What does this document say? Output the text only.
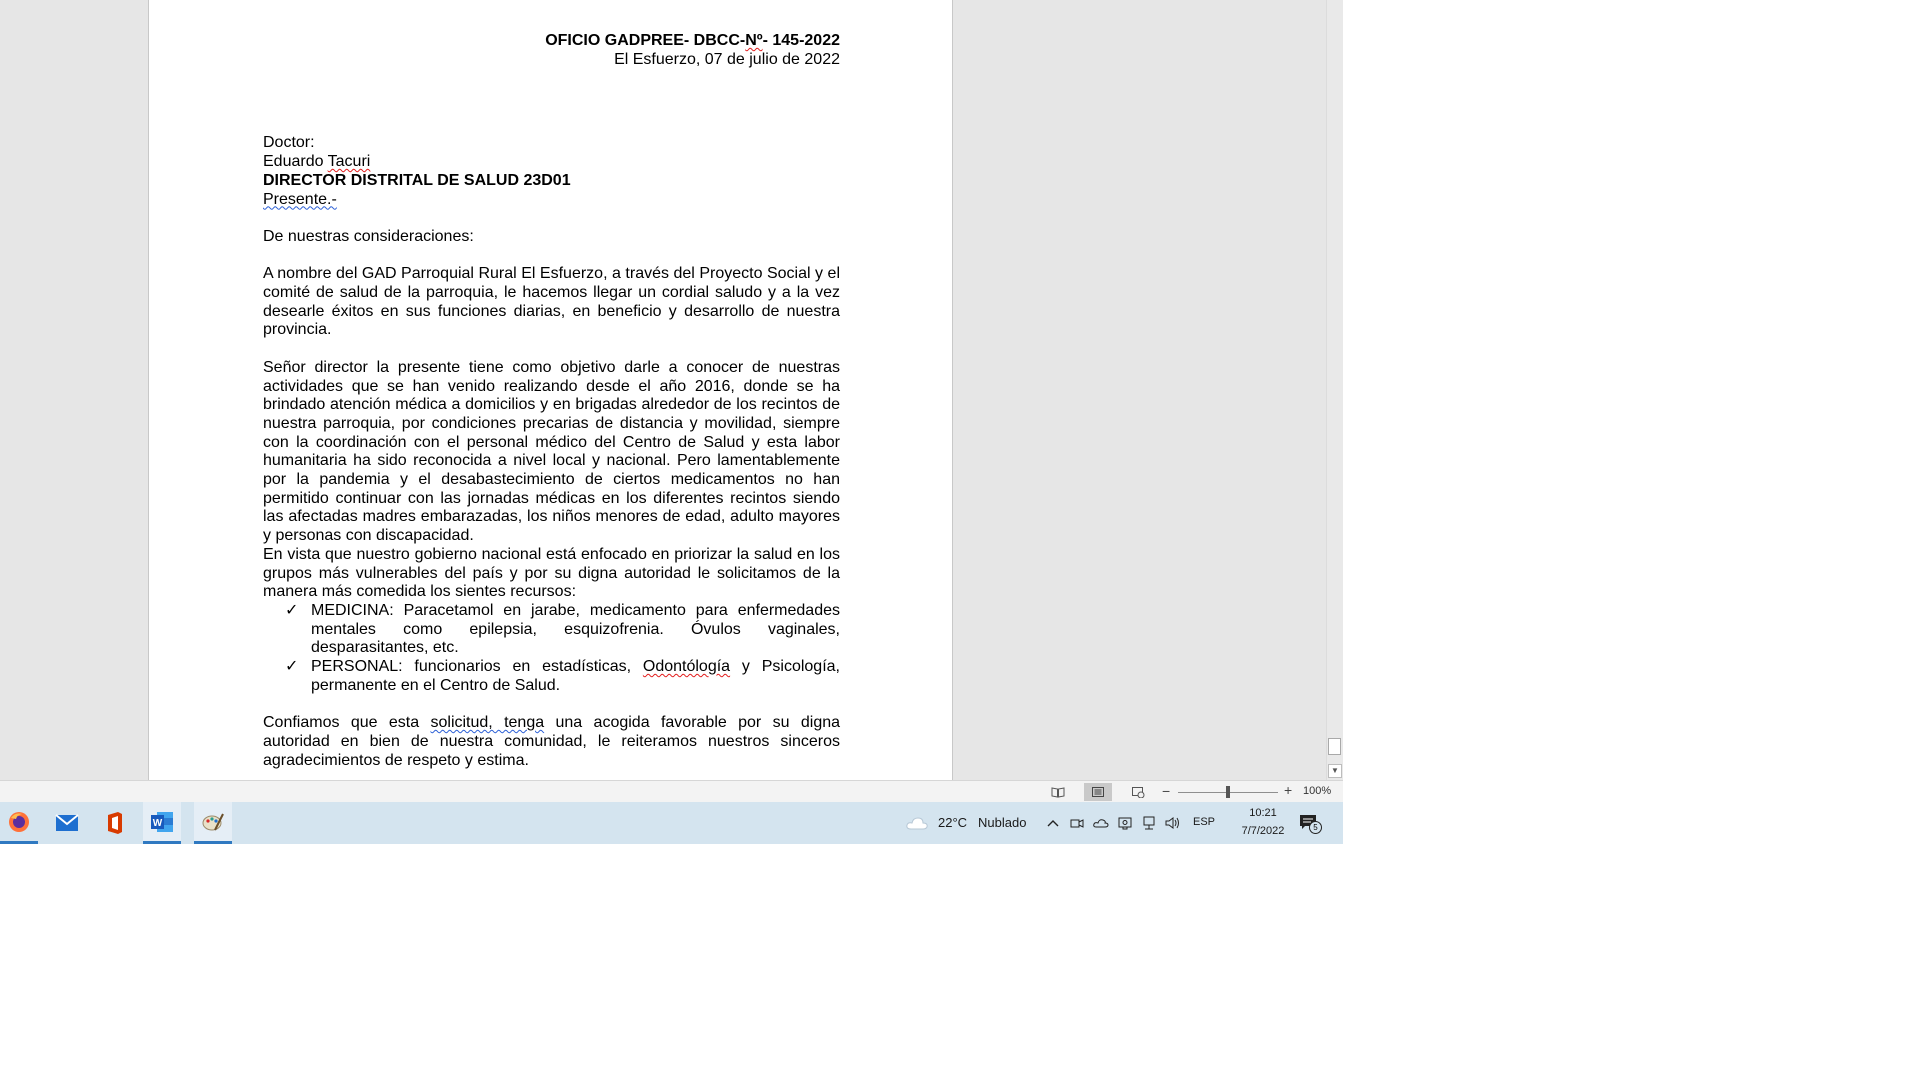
OFICIO GADPREE- DBCC-Nº- 145-2022
El Esfuerzo, 07 de julio de 2022
Doctor:
Eduardo Tacuri
DIRECTOR DISTRITAL DE SALUD 23D01
Presente.-
De nuestras consideraciones:
A nombre del GAD Parroquial Rural El Esfuerzo, a través del Proyecto Social y el comité de salud de la parroquia, le hacemos llegar un cordial saludo y a la vez desearle éxitos en sus funciones diarias, en beneficio y desarrollo de nuestra provincia.
Señor director la presente tiene como objetivo darle a conocer de nuestras actividades que se han venido realizando desde el año 2016, donde se ha brindado atención médica a domicilios y en brigadas alrededor de los recintos de nuestra parroquia, por condiciones precarias de distancia y movilidad, siempre con la coordinación con el personal médico del Centro de Salud y esta labor humanitaria ha sido reconocida a nivel local y nacional. Pero lamentablemente por la pandemia y el desabastecimiento de ciertos medicamentos no han permitido continuar con las jornadas médicas en los diferentes recintos siendo las afectadas madres embarazadas, los niños menores de edad, adulto mayores y personas con discapacidad.
En vista que nuestro gobierno nacional está enfocado en priorizar la salud en los grupos más vulnerables del país y por su digna autoridad le solicitamos de la manera más comedida los sientes recursos:
✓ MEDICINA: Paracetamol en jarabe, medicamento para enfermedades mentales como epilepsia, esquizofrenia. Óvulos vaginales, desparasitantes, etc.
✓ PERSONAL: funcionarios en estadísticas, Odontólogía y Psicología, permanente en el Centro de Salud.
Confiamos que esta solicitud, tenga una acogida favorable por su digna autoridad en bien de nuestra comunidad, le reiteramos nuestros sinceros agradecimientos de respeto y estima.
▼
−	+ 100%
W	22°C Nublado	ESP
10:21
7/7/2022	5
